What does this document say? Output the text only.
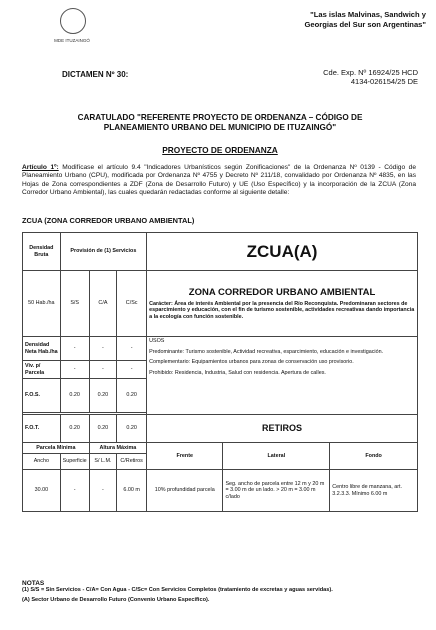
MDE ITUZAINGÓ
"Las islas Malvinas, Sandwich y
Georgias del Sur son Argentinas"
DICTAMEN Nº 30:	Cde. Exp. Nº 16924/25 HCD
4134-026154/25 DE
CARATULADO "REFERENTE PROYECTO DE ORDENANZA – CÓDIGO DE
PLANEAMIENTO URBANO DEL MUNICIPIO DE ITUZAINGÓ"
PROYECTO DE ORDENANZA
Artículo 1º: Modifícase el artículo 9.4 "Indicadores Urbanísticos según Zonificaciones" de la Ordenanza Nº 0139 - Código de Planeamiento Urbano (CPU), modificada por Ordenanza Nº 4755 y Decreto Nº 211/18, convalidado por Ordenanza Nº 4835, en las Hojas de Zona correspondientes a ZDF (Zona de Desarrollo Futuro) y UE (Uso Específico) y la incorporación de la ZCUA (Zona Corredor Urbano Ambiental), las cuales quedarán redactadas conforme al siguiente detalle:
ZCUA (ZONA CORREDOR URBANO AMBIENTAL)
Densidad Bruta	Provisión de (1) Servicios			ZCUA(A)		

50 Hab./ha	S/S	C/A	C/Sc	ZONA CORREDOR URBANO AMBIENTAL
Carácter: Área de interés Ambiental por la presencia del Río Reconquista. Predominaran sectores de esparcimiento y educación, con el fin de turismo sostenible, actividades recreativas dando importancia a la ecología con función sostenible.		

Densidad Neta Hab./ha	-	-	-	USOS
Predominante: Turismo sostenible, Actividad recreativa, esparcimiento, educación e investigación.
Complementario: Equipamientos urbanos para zonas de conservación uso provisorio.
Prohibido: Residencia, Industria, Salud con residencia. Apertura de calles.		

Viv. p/ Parcela	-	-	-			
F.O.S.	0.20	0.20	0.20			

F.O.T.	0.20	0.20	0.20	RETIROS		
Parcela Mínima		Altura Máxima		Frente	Lateral	Fondo
Ancho	Superficie	S/ L.M.	C/Retiros			
30.00	-	-	6.00 m	10% profundidad parcela	Seg. ancho de parcela entre 12 m y 20 m = 3.00 m de un lado. > 20 m = 3.00 m c/lado	Centro libre de manzana, art. 3.2.3.3. Mínimo 6.00 m
NOTAS
(1) S/S = Sin Servicios - C/A= Con Agua - C/Sc= Con Servicios Completos (tratamiento de excretas y aguas servidas).
(A) Sector Urbano de Desarrollo Futuro (Convenio Urbano Específico).
